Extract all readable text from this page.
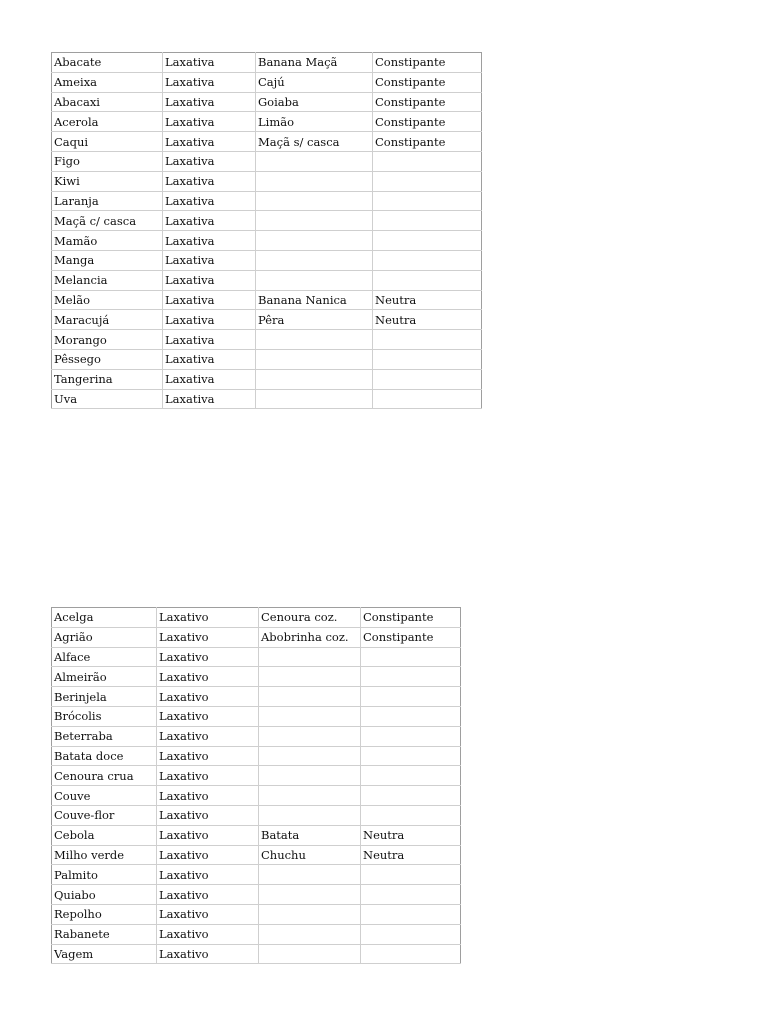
Abacate	Laxativa	Banana Maçã	Constipante
Ameixa	Laxativa	Cajú	Constipante
Abacaxi	Laxativa	Goiaba	Constipante
Acerola	Laxativa	Limão	Constipante
Caqui	Laxativa	Maçã s/ casca	Constipante
Figo	Laxativa		
Kiwi	Laxativa		
Laranja	Laxativa		
Maçã c/ casca	Laxativa		
Mamão	Laxativa		
Manga	Laxativa		
Melancia	Laxativa		
Melão	Laxativa	Banana Nanica	Neutra
Maracujá	Laxativa	Pêra	Neutra
Morango	Laxativa		
Pêssego	Laxativa		
Tangerina	Laxativa		
Uva	Laxativa		
Acelga	Laxativo	Cenoura coz.	Constipante
Agrião	Laxativo	Abobrinha coz.	Constipante
Alface	Laxativo		
Almeirão	Laxativo		
Berinjela	Laxativo		
Brócolis	Laxativo		
Beterraba	Laxativo		
Batata doce	Laxativo		
Cenoura crua	Laxativo		
Couve	Laxativo		
Couve-flor	Laxativo		
Cebola	Laxativo	Batata	Neutra
Milho verde	Laxativo	Chuchu	Neutra
Palmito	Laxativo		
Quiabo	Laxativo		
Repolho	Laxativo		
Rabanete	Laxativo		
Vagem	Laxativo		
